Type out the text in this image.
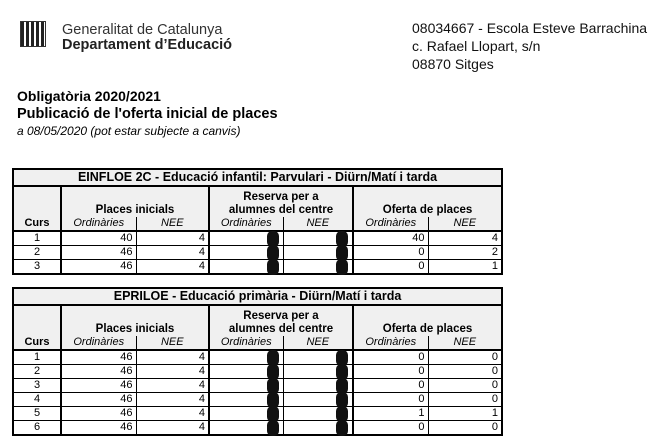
Generalitat de Catalunya
Departament d’Educació
08034667 - Escola Esteve Barrachina
c. Rafael Llopart, s/n
08870 Sitges
Obligatòria 2020/2021
Publicació de l'oferta inicial de places
a 08/05/2020 (pot estar subjecte a canvis)
EINFLOE 2C - Educació infantil: Parvulari - Diürn/Matí i tarda						
Curs	Places inicials		Reserva per a
alumnes del centre		Oferta de places	
	Ordinàries	NEE	Ordinàries	NEE	Ordinàries	NEE
1	40	4			40	4
2	46	4			0	2
3	46	4			0	1
EPRILOE - Educació primària - Diürn/Matí i tarda						
Curs	Places inicials		Reserva per a
alumnes del centre		Oferta de places	
	Ordinàries	NEE	Ordinàries	NEE	Ordinàries	NEE
1	46	4			0	0
2	46	4			0	0
3	46	4			0	0
4	46	4			0	0
5	46	4			1	1
6	46	4			0	0
